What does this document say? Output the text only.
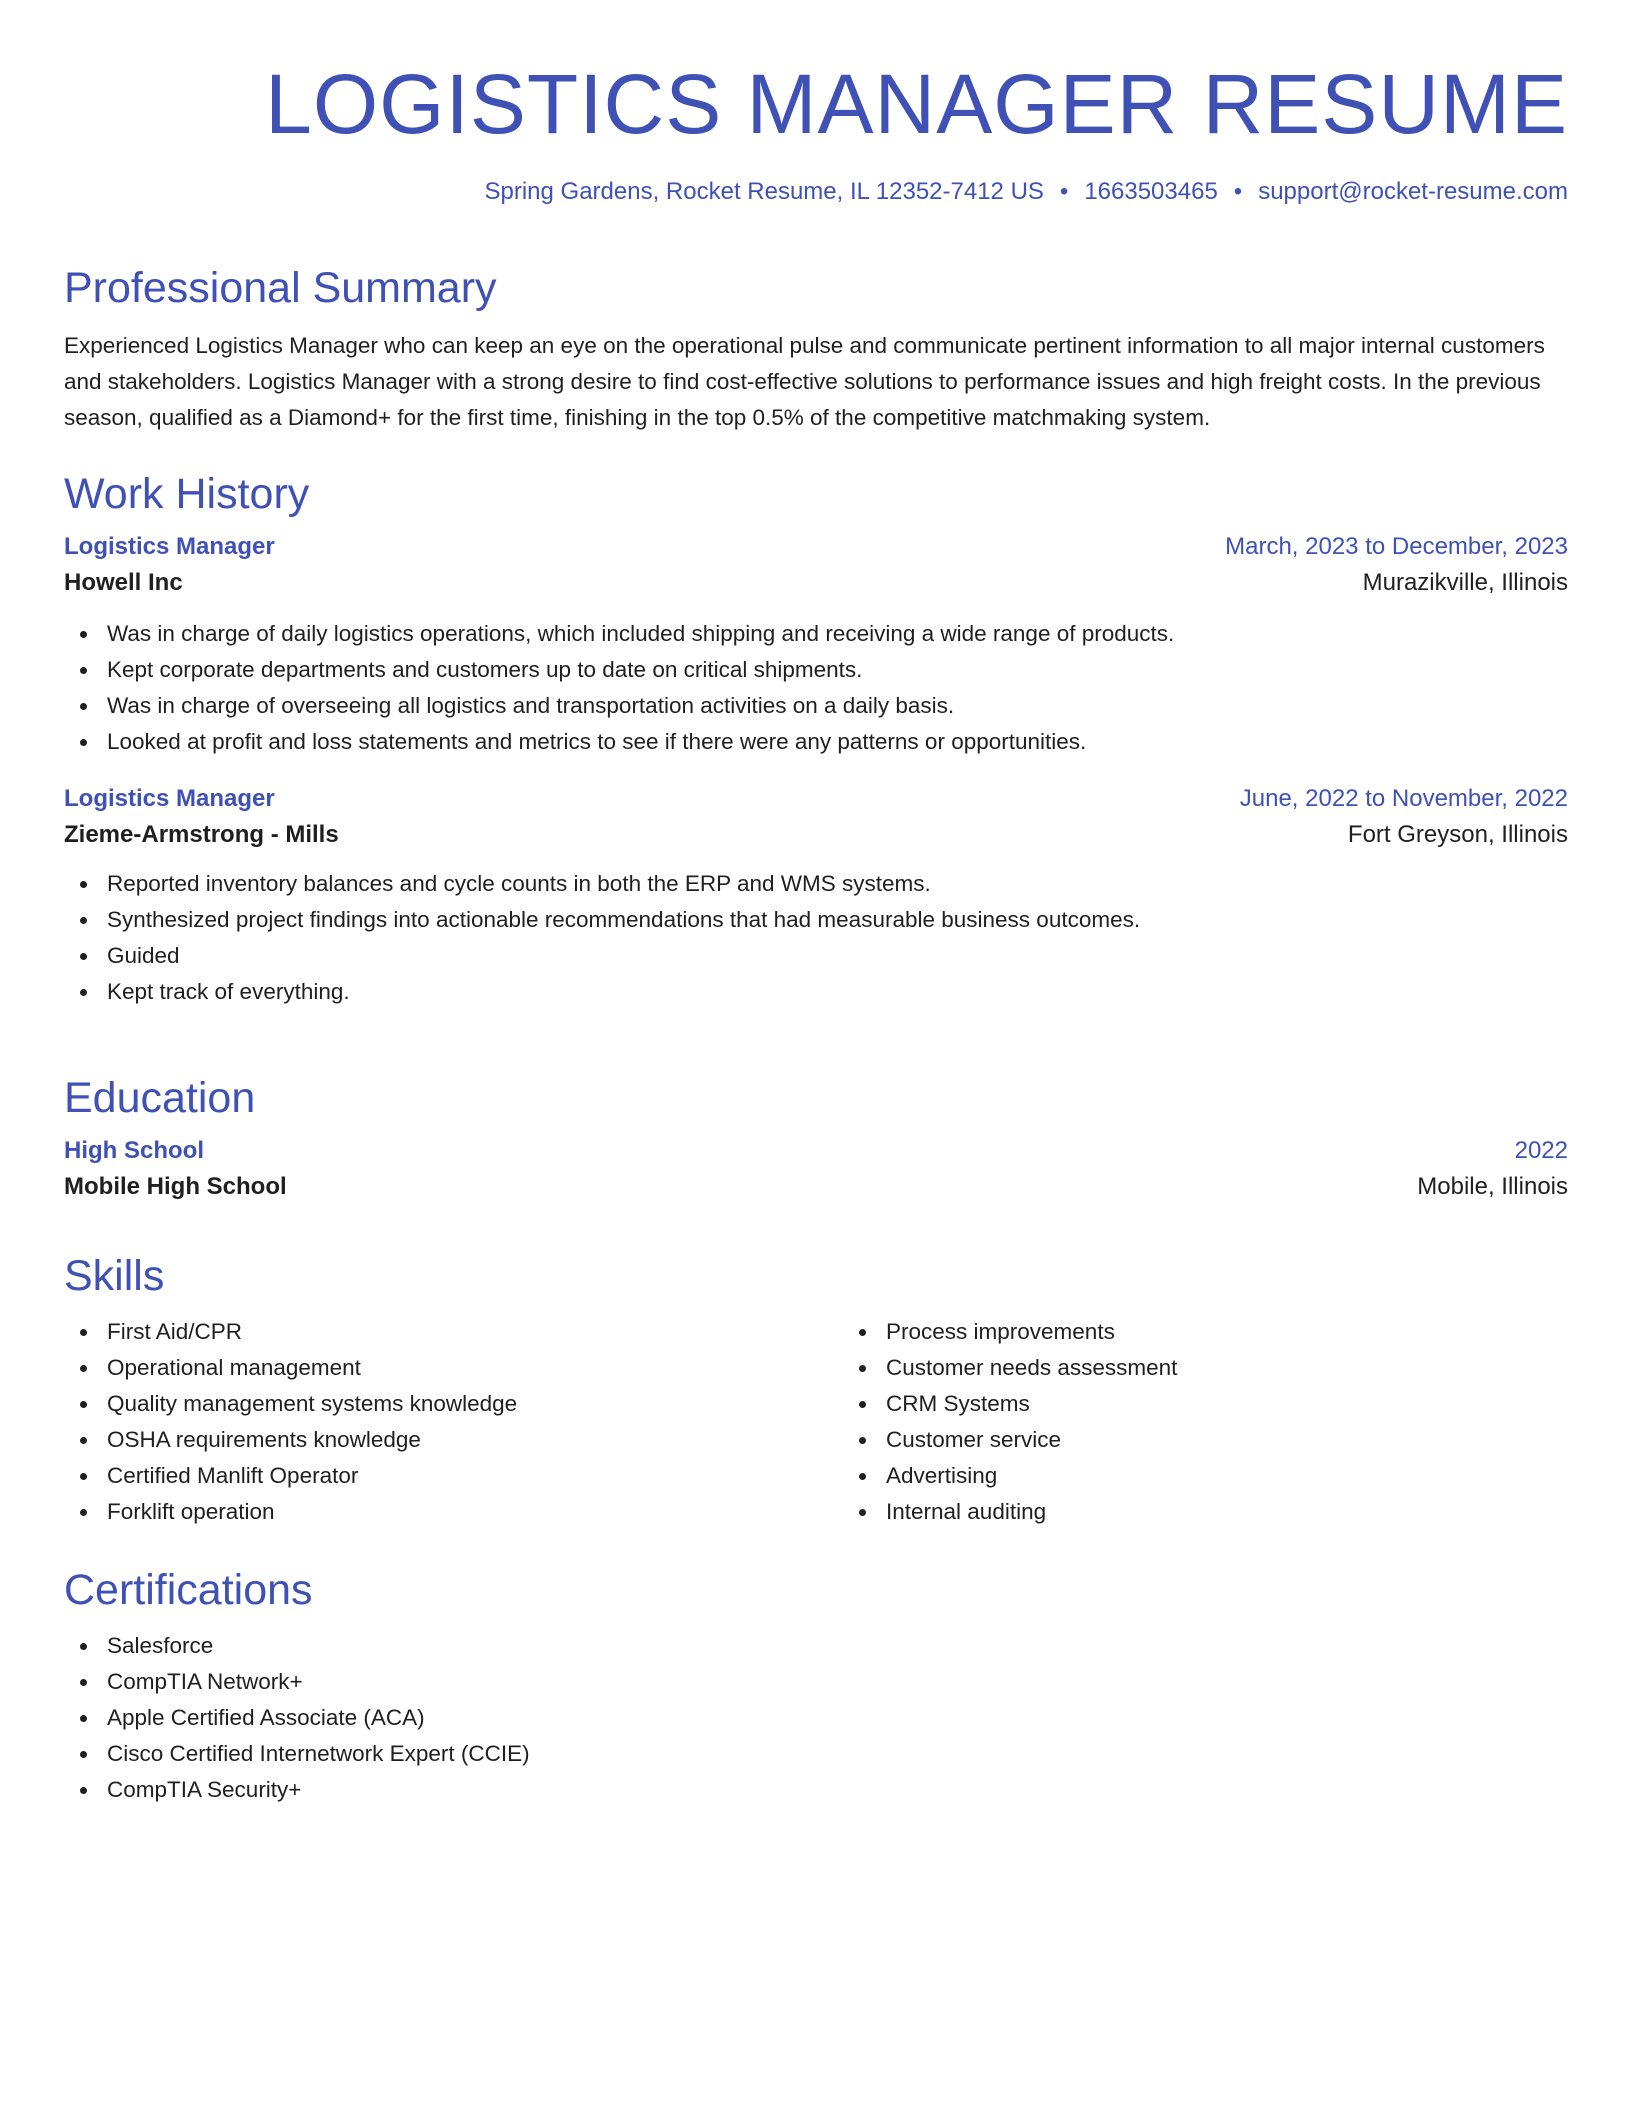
LOGISTICS MANAGER RESUME
Spring Gardens, Rocket Resume, IL 12352-7412 US • 1663503465 • support@rocket-resume.com
Professional Summary

Experienced Logistics Manager who can keep an eye on the operational pulse and communicate pertinent information to all major internal customers and stakeholders. Logistics Manager with a strong desire to find cost-effective solutions to performance issues and high freight costs. In the previous season, qualified as a Diamond+ for the first time, finishing in the top 0.5% of the competitive matchmaking system.

Work History
Logistics Manager	March, 2023 to December, 2023
Howell Inc	Murazikville, Illinois
Was in charge of daily logistics operations, which included shipping and receiving a wide range of products.
Kept corporate departments and customers up to date on critical shipments.
Was in charge of overseeing all logistics and transportation activities on a daily basis.
Looked at profit and loss statements and metrics to see if there were any patterns or opportunities.
Logistics Manager	June, 2022 to November, 2022
Zieme-Armstrong - Mills	Fort Greyson, Illinois
Reported inventory balances and cycle counts in both the ERP and WMS systems.
Synthesized project findings into actionable recommendations that had measurable business outcomes.
Guided
Kept track of everything.
Education
High School	2022
Mobile High School	Mobile, Illinois
Skills
First Aid/CPR
Operational management
Quality management systems knowledge
OSHA requirements knowledge
Certified Manlift Operator
Forklift operation
Process improvements
Customer needs assessment
CRM Systems
Customer service
Advertising
Internal auditing
Certifications
Salesforce
CompTIA Network+
Apple Certified Associate (ACA)
Cisco Certified Internetwork Expert (CCIE)
CompTIA Security+
